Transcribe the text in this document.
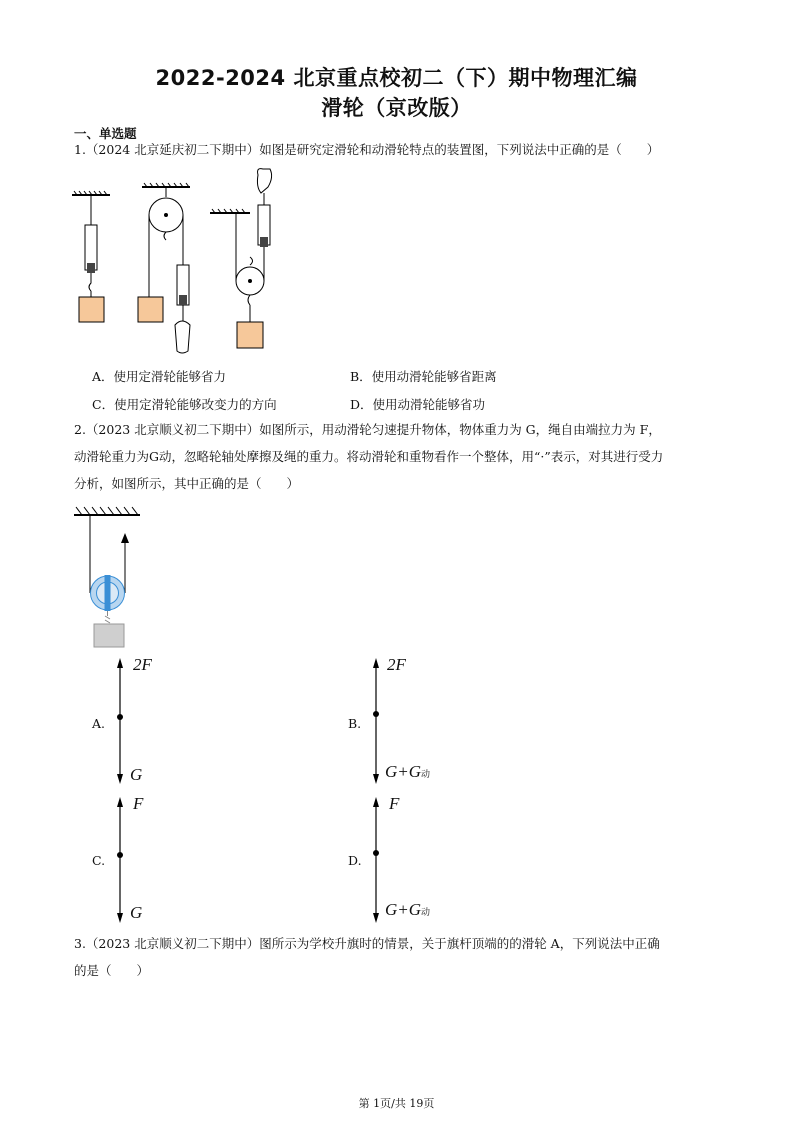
2022-2024 北京重点校初二（下）期中物理汇编
滑轮（京改版）
一、单选题
1.（2024 北京延庆初二下期中）如图是研究定滑轮和动滑轮特点的装置图，下列说法中正确的是（　　）
A．使用定滑轮能够省力	B．使用动滑轮能够省距离
C．使用定滑轮能够改变力的方向	D．使用动滑轮能够省功
2.（2023 北京顺义初二下期中）如图所示，用动滑轮匀速提升物体，物体重力为 G，绳自由端拉力为 F，
动滑轮重力为G动，忽略轮轴处摩擦及绳的重力。将动滑轮和重物看作一个整体，用“·”表示，对其进行受力
分析，如图所示，其中正确的是（　　）
A.
2F
G
B.
2F
G+G动
C.
F
G
D.
F
G+G动
3.（2023 北京顺义初二下期中）图所示为学校升旗时的情景，关于旗杆顶端的的滑轮 A，下列说法中正确
的是（　　）
第 1页/共 19页
